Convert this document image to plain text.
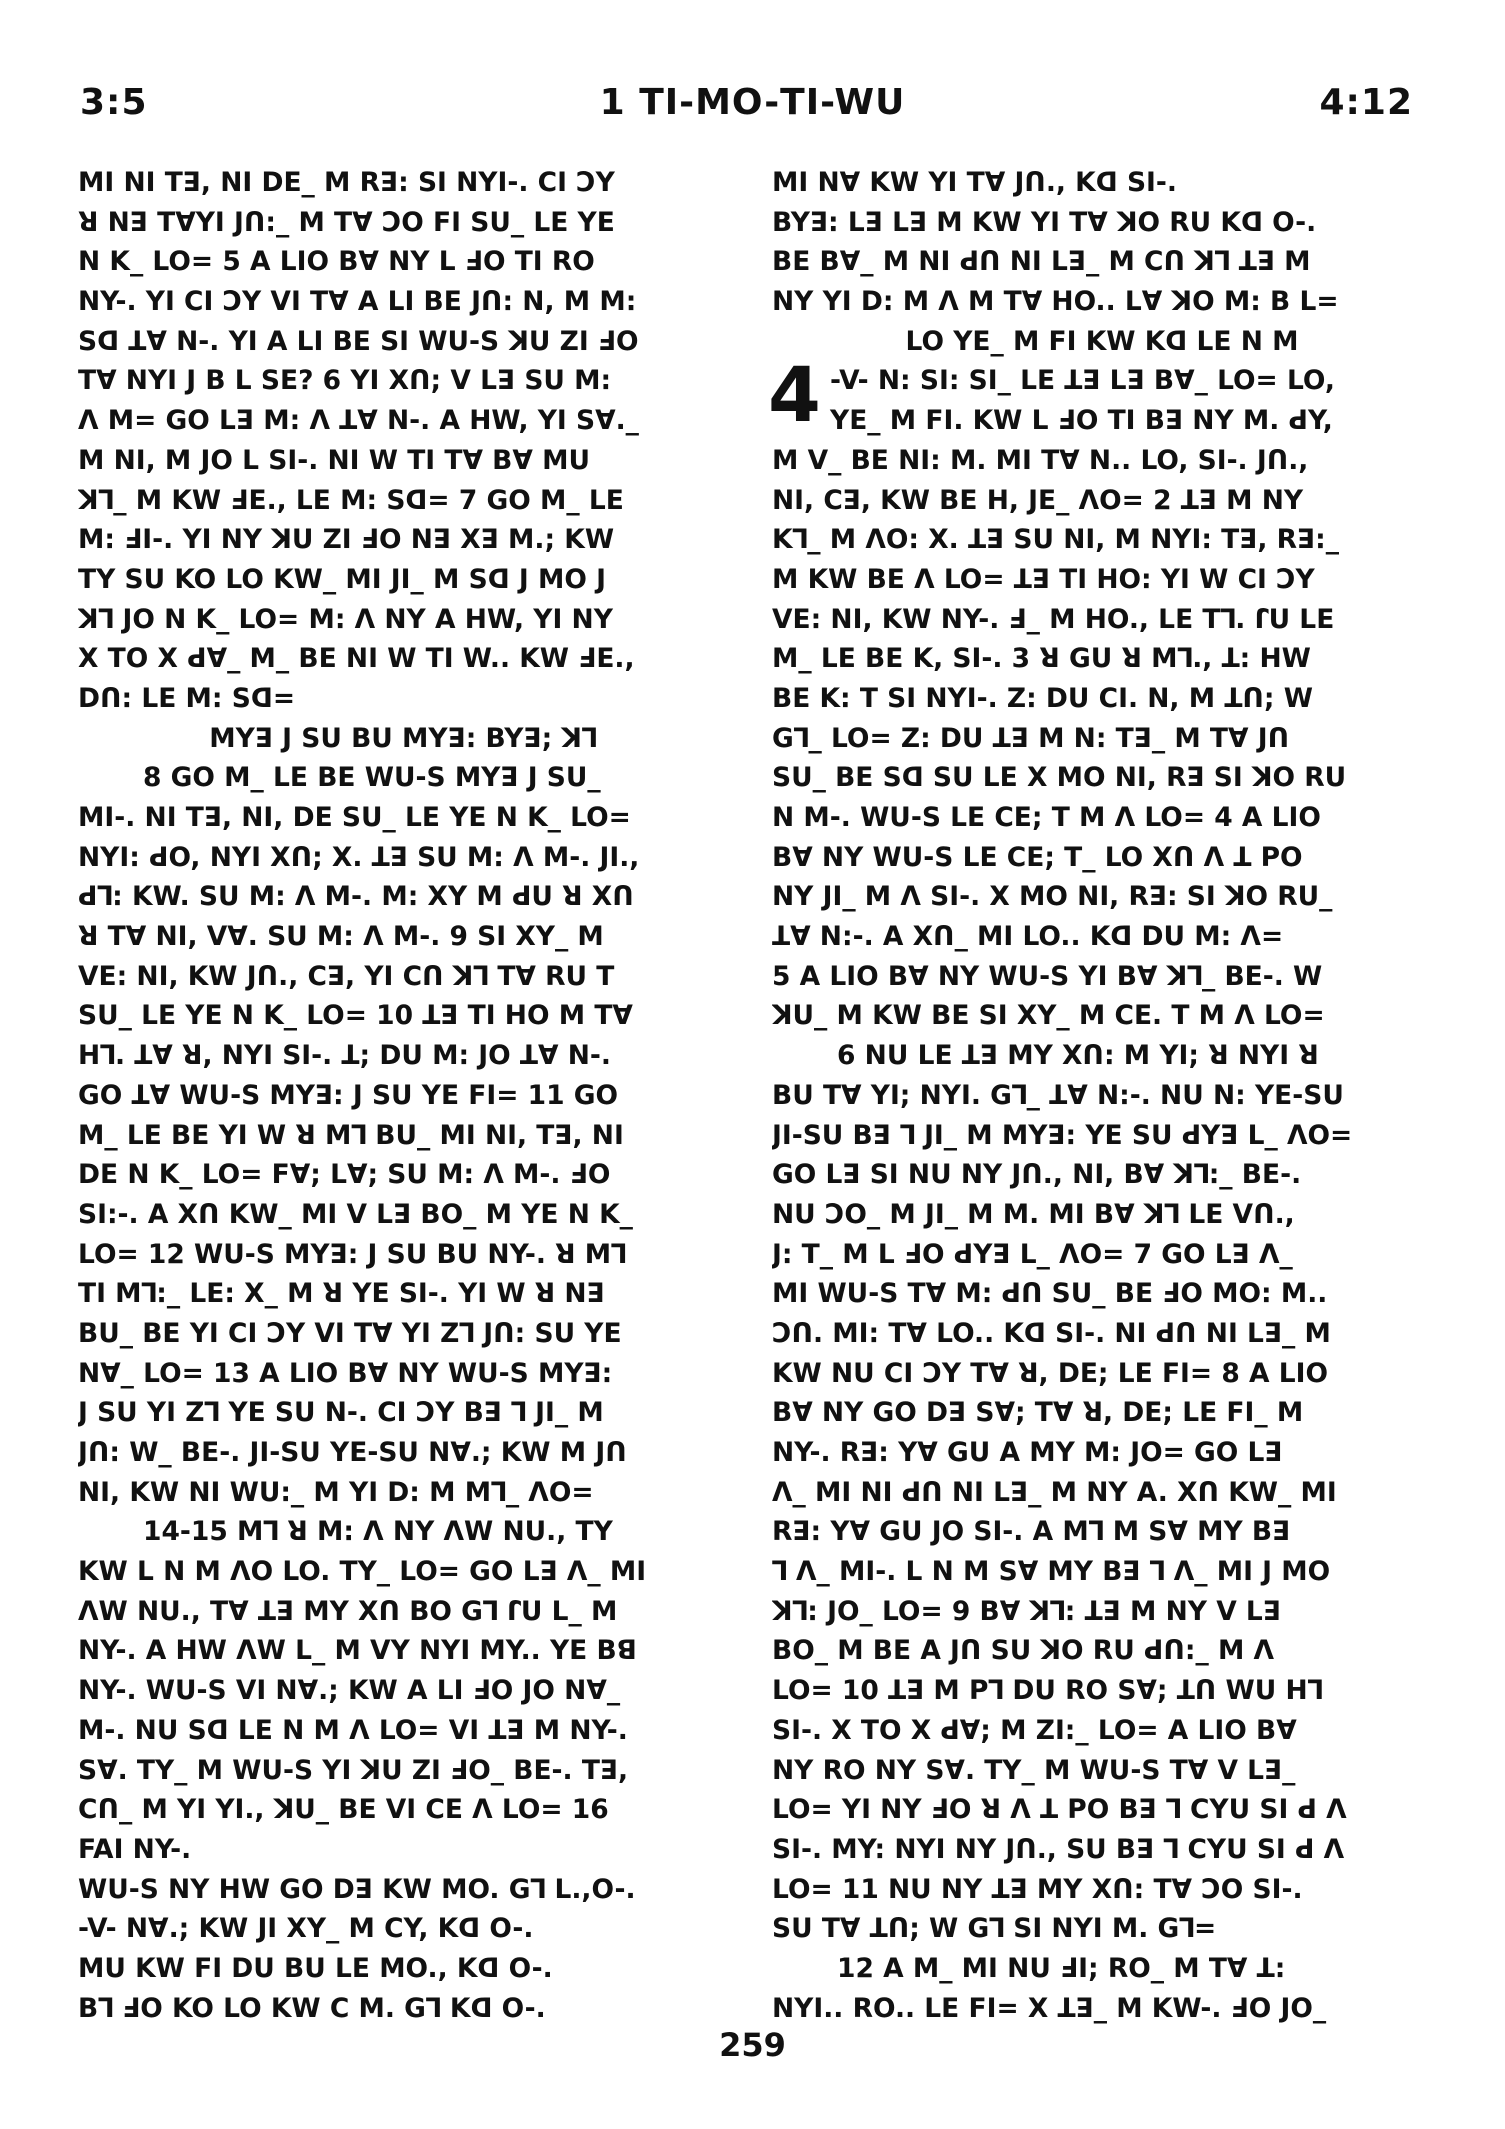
3:5	1 ꓔI-MO-ꓔI-WU	4:12
MI NI Tꓱ, NI DE_ M Rꓱ: SI NYI-. CI ꓛY
ꓤ Nꓱ TꓯYI Jꓵ:_ M Tꓯ ꓛO FI SU_ LE YE
N K_ LO= 5 A LIO Bꓯ NY L ꓞO ꓔI RO
NY-. YI CI ꓛY VI Tꓯ A LI BE Jꓵ: N, M M:
Sꓷ ꓕꓯ N-. YI A LI BE SI WU-S ꓘU ZI ꓞO
Tꓯ NYI J B L SE? 6 YI Xꓵ; V Lꓱ SU M:
ꓥ M= GO Lꓱ M: ꓥ ꓕꓯ N-. A HW, YI Sꓯ._
M NI, M JO L SI-. NI W TI Tꓯ Bꓯ MU
ꓘꓶ_ M KW ꓞE., LE M: Sꓷ= 7 GO M_ LE
M: ꓞI-. YI NY ꓘU ZI ꓞO Nꓱ Xꓱ M.; KW
TY SU KO LO KW_ MI JI_ M Sꓷ J MO J
ꓘꓶ JO N K_ LO= M: ꓥ NY A HW, YI NY
X TO X ꓒꓯ_ M_ BE NI W TI W.. KW ꓞE.,
Dꓵ: LE M: Sꓷ=
MYꓱ J SU BU MYꓱ: BYꓱ; ꓘꓶ
8 GO M_ LE BE WU-S MYꓱ J SU_
MI-. NI Tꓱ, NI, DE SU_ LE YE N K_ LO=
NYI: ꓒO, NYI Xꓵ; X. ꓕꓱ SU M: ꓥ M-. JI.,
ꓒꓶ: KW. SU M: ꓥ M-. M: XY M ꓒU ꓤ Xꓵ
ꓤ Tꓯ NI, Vꓯ. SU M: ꓥ M-. 9 SI XY_ M
VE: NI, KW Jꓵ., Cꓱ, YI Cꓵ ꓘꓶ Tꓯ RU T
SU_ LE YE N K_ LO= 10 ꓕꓱ ꓔI HO M Tꓯ
Hꓶ. ꓕꓯ ꓤ, NYI SI-. ꓕ; DU M: JO ꓕꓯ N-.
GO ꓕꓯ WU-S MYꓱ: J SU YE FI= 11 GO
M_ LE BE YI W ꓤ Mꓶ BU_ MI NI, Tꓱ, NI
DE N K_ LO= Fꓯ; Lꓯ; SU M: ꓥ M-. ꓞO
SI:-. A Xꓵ KW_ MI V Lꓱ BO_ M YE N K_
LO= 12 WU-S MYꓱ: J SU BU NY-. ꓤ Mꓶ
ꓔI Mꓶ:_ LE: X_ M ꓤ YE SI-. YI W ꓤ Nꓱ
BU_ BE YI CI ꓛY VI Tꓯ YI Zꓶ Jꓵ: SU YE
Nꓯ_ LO= 13 A LIO Bꓯ NY WU-S MYꓱ:
J SU YI Zꓶ YE SU N-. CI ꓛY Bꓱ ꓶ JI_ M
Jꓵ: W_ BE-. JI-SU YE-SU Nꓯ.; KW M Jꓵ
NI, KW NI WU:_ M YI D: M Mꓶ_ ꓥO=
14-15 Mꓶ ꓤ M: ꓥ NY ꓥW NU., TY
KW L N M ꓥO LO. TY_ LO= GO Lꓱ ꓥ_ MI
ꓥW NU., Tꓯ ꓕꓱ MY Xꓵ BO Gꓶ ꓩU L_ M
NY-. A HW ꓥW L_ M VY NYI MY.. YE Bꓭ
NY-. WU-S VI Nꓯ.; KW A LI ꓞO JO Nꓯ_
M-. NU Sꓷ LE N M ꓥ LO= VI ꓕꓱ M NY-.
Sꓯ. TY_ M WU-S YI ꓘU ZI ꓞO_ BE-. Tꓱ,
Cꓵ_ M YI YI., ꓘU_ BE VI CE ꓥ LO= 16
FAI NY-.
WU-S NY HW GO Dꓱ KW MO. Gꓶ L.,O-.
-V- Nꓯ.; KW JI XY_ M CY, Kꓷ O-.
MU KW FI DU BU LE MO., Kꓷ O-.
Bꓶ ꓞO KO LO KW C M. Gꓶ Kꓷ O-.
MI Nꓯ KW YI Tꓯ Jꓵ., Kꓷ SI-.
BYꓱ: Lꓱ Lꓱ M KW YI Tꓯ ꓘO RU Kꓷ O-.
BE Bꓯ_ M NI ꓒꓵ NI Lꓱ_ M Cꓵ ꓘꓶ ꓕꓱ M
NY YI D: M ꓥ M Tꓯ HO.. Lꓯ ꓘO M: B L=
LO YE_ M FI KW Kꓷ LE N M
4 -V- N: SI: SI_ LE ꓕꓱ Lꓱ Bꓯ_ LO= LO,
YE_ M FI. KW L ꓞO ꓔI Bꓱ NY M. ꓒY,
M V_ BE NI: M. MI Tꓯ N.. LO, SI-. Jꓵ.,
NI, Cꓱ, KW BE H, JE_ ꓥO= 2 ꓕꓱ M NY
Kꓶ_ M ꓥO: X. ꓕꓱ SU NI, M NYI: Tꓱ, Rꓱ:_
M KW BE ꓥ LO= ꓕꓱ ꓔI HO: YI W CI ꓛY
VE: NI, KW NY-. ꓞ_ M HO., LE Tꓶ. ꓩU LE
M_ LE BE K, SI-. 3 ꓤ GU ꓤ Mꓶ., ꓕ: HW
BE K: T SI NYI-. Z: DU CI. N, M ꓕꓵ; W
Gꓶ_ LO= Z: DU ꓕꓱ M N: Tꓱ_ M Tꓯ Jꓵ
SU_ BE Sꓷ SU LE X MO NI, Rꓱ SI ꓘO RU
N M-. WU-S LE CE; T M ꓥ LO= 4 A LIO
Bꓯ NY WU-S LE CE; T_ LO Xꓵ ꓥ ꓕ PO
NY JI_ M ꓥ SI-. X MO NI, Rꓱ: SI ꓘO RU_
ꓕꓯ N:-. A Xꓵ_ MI LO.. Kꓷ DU M: ꓥ=
5 A LIO Bꓯ NY WU-S YI Bꓯ ꓘꓶ_ BE-. W
ꓘU_ M KW BE SI XY_ M CE. T M ꓥ LO=
6 NU LE ꓕꓱ MY Xꓵ: M YI; ꓤ NYI ꓤ
BU Tꓯ YI; NYI. Gꓶ_ ꓕꓯ N:-. NU N: YE-SU
JI-SU Bꓱ ꓶ JI_ M MYꓱ: YE SU ꓒYꓱ L_ ꓥO=
GO Lꓱ SI NU NY Jꓵ., NI, Bꓯ ꓘꓶ:_ BE-.
NU ꓛO_ M JI_ M M. MI Bꓯ ꓘꓶ LE Vꓵ.,
J: T_ M L ꓞO ꓒYꓱ L_ ꓥO= 7 GO Lꓱ ꓥ_
MI WU-S Tꓯ M: ꓒꓵ SU_ BE ꓞO MO: M..
ꓛꓵ. MI: Tꓯ LO.. Kꓷ SI-. NI ꓒꓵ NI Lꓱ_ M
KW NU CI ꓛY Tꓯ ꓤ, DE; LE FI= 8 A LIO
Bꓯ NY GO Dꓱ Sꓯ; Tꓯ ꓤ, DE; LE FI_ M
NY-. Rꓱ: Yꓯ GU A MY M: JO= GO Lꓱ
ꓥ_ MI NI ꓒꓵ NI Lꓱ_ M NY A. Xꓵ KW_ MI
Rꓱ: Yꓯ GU JO SI-. A Mꓶ M Sꓯ MY Bꓱ
ꓶ ꓥ_ MI-. L N M Sꓯ MY Bꓱ ꓶ ꓥ_ MI J MO
ꓘꓶ: JO_ LO= 9 Bꓯ ꓘꓶ: ꓕꓱ M NY V Lꓱ
BO_ M BE A Jꓵ SU ꓘO RU ꓒꓵ:_ M ꓥ
LO= 10 ꓕꓱ M Pꓶ DU RO Sꓯ; ꓕꓵ WU Hꓶ
SI-. X TO X ꓒꓯ; M ZI:_ LO= A LIO Bꓯ
NY RO NY Sꓯ. TY_ M WU-S Tꓯ V Lꓱ_
LO= YI NY ꓞO ꓤ ꓥ ꓕ PO Bꓱ ꓶ CYU SI ꓒ ꓥ
SI-. MY: NYI NY Jꓵ., SU Bꓱ ꓶ CYU SI ꓒ ꓥ
LO= 11 NU NY ꓕꓱ MY Xꓵ: Tꓯ ꓛO SI-.
SU Tꓯ ꓕꓵ; W Gꓶ SI NYI M. Gꓶ=
12 A M_ MI NU ꓞI; RO_ M Tꓯ ꓕ:
NYI.. RO.. LE FI= X ꓕꓱ_ M KW-. ꓞO JO_
259
